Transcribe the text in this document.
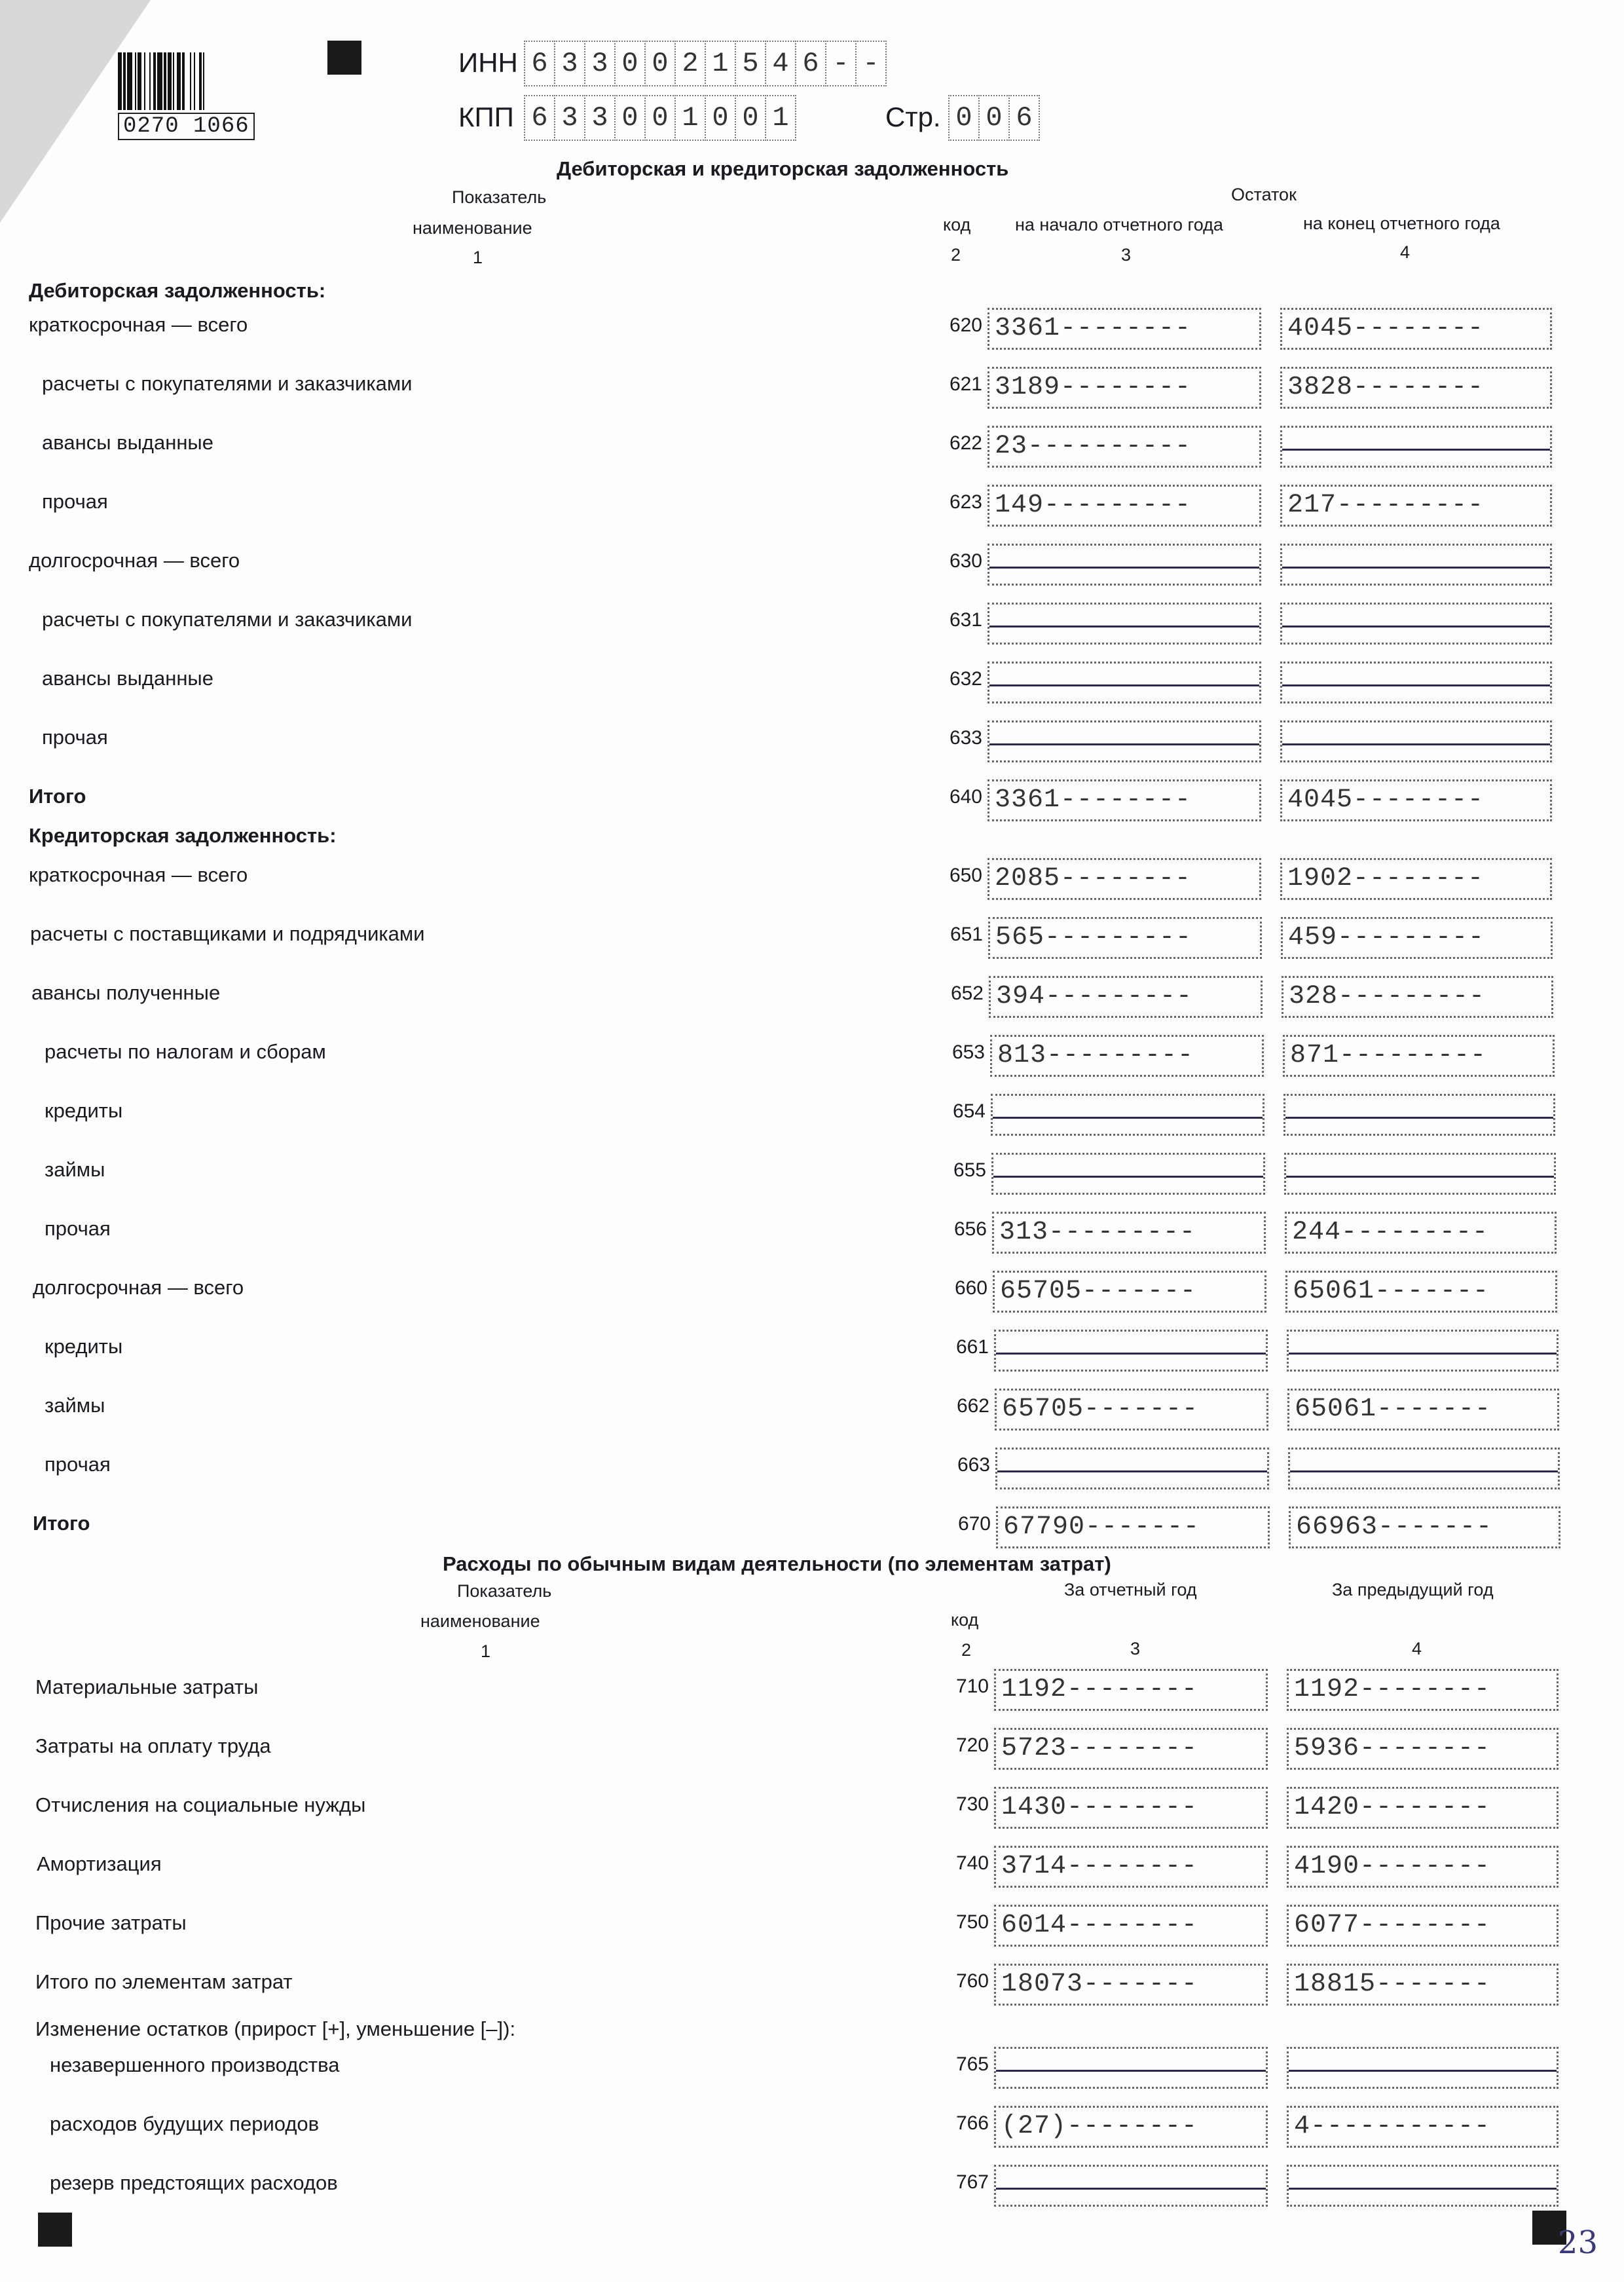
0270 1066
ИНН 6 3 3 0 0 2 1 5 4 6 - -
КПП 6 3 3 0 0 1 0 0 1	Стр. 0 0 6
Дебиторская и кредиторская задолженность
Показатель
наименование
1
код
2
Остаток
на начало отчетного года
3
на конец отчетного года
4
Дебиторская задолженность:
Кредиторская задолженность:
краткосрочная — всего	620 3361--------	4045--------
расчеты с покупателями и заказчиками	621 3189--------	3828--------
авансы выданные	622 23----------
прочая	623 149---------	217---------
долгосрочная — всего	630
расчеты с покупателями и заказчиками	631
авансы выданные	632
прочая	633
Итого	640 3361--------	4045--------
краткосрочная — всего	650 2085--------	1902--------
расчеты с поставщиками и подрядчиками	651 565---------	459---------
авансы полученные	652 394---------	328---------
расчеты по налогам и сборам	653 813---------	871---------
кредиты	654
займы	655
прочая	656 313---------	244---------
долгосрочная — всего	660 65705-------	65061-------
кредиты	661
займы	662 65705-------	65061-------
прочая	663
Итого	670 67790-------	66963-------
Расходы по обычным видам деятельности (по элементам затрат)
Показатель
наименование
1
код
2
За отчетный год
3
За предыдущий год
4
Изменение остатков (прирост [+], уменьшение [–]):
Материальные затраты	710 1192--------	1192--------
Затраты на оплату труда	720 5723--------	5936--------
Отчисления на социальные нужды	730 1430--------	1420--------
Амортизация	740 3714--------	4190--------
Прочие затраты	750 6014--------	6077--------
Итого по элементам затрат	760 18073-------	18815-------
незавершенного производства	765
расходов будущих периодов	766 (27)--------	4-----------
резерв предстоящих расходов	767
23
